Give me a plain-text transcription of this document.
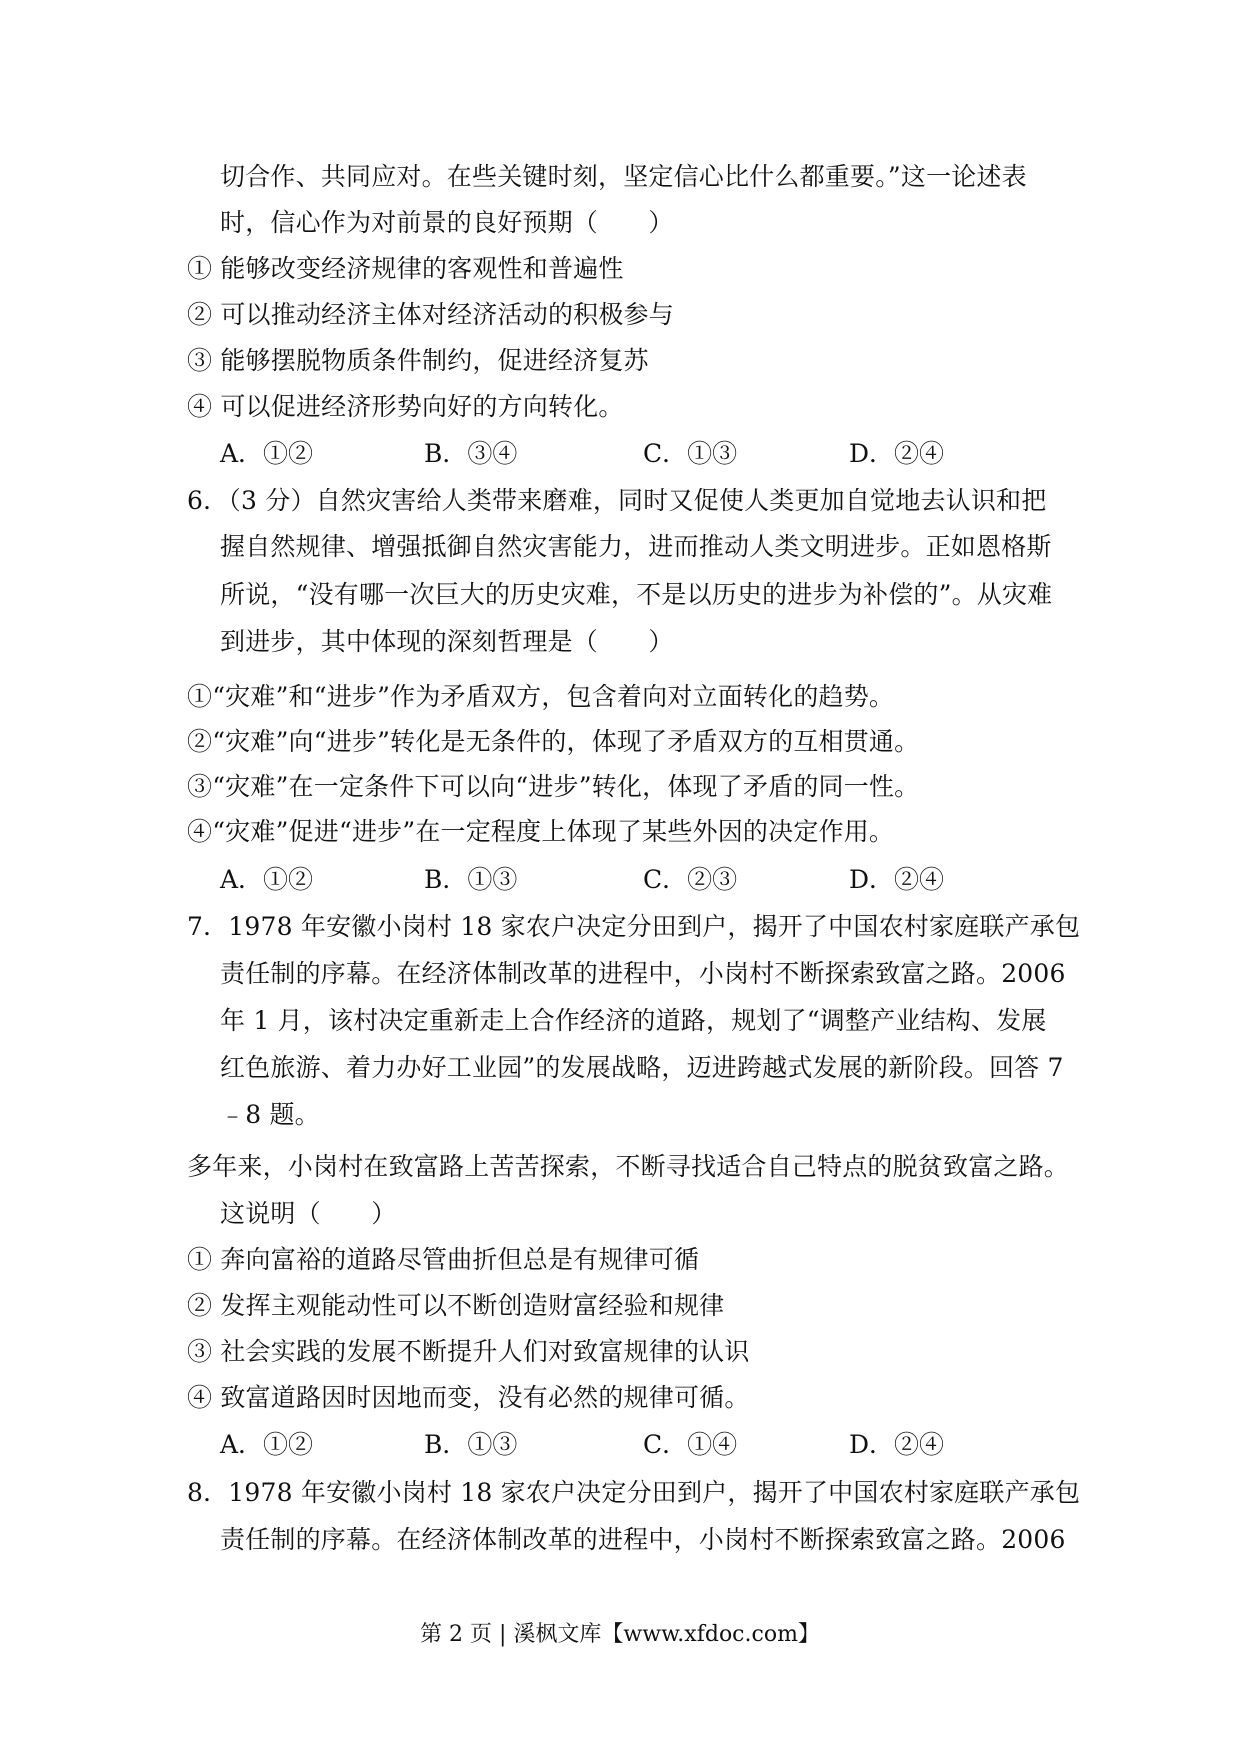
切合作、共同应对。在些关键时刻，坚定信心比什么都重要。”这一论述表
时，信心作为对前景的良好预期（　　）
① 能够改变经济规律的客观性和普遍性
② 可以推动经济主体对经济活动的积极参与
③ 能够摆脱物质条件制约，促进经济复苏
④ 可以促进经济形势向好的方向转化。
A．①②	B．③④	C．①③	D．②④
6．（3 分）自然灾害给人类带来磨难，同时又促使人类更加自觉地去认识和把
握自然规律、增强抵御自然灾害能力，进而推动人类文明进步。正如恩格斯
所说，“没有哪一次巨大的历史灾难，不是以历史的进步为补偿的”。从灾难
到进步，其中体现的深刻哲理是（　　）
①“灾难”和“进步”作为矛盾双方，包含着向对立面转化的趋势。
②“灾难”向“进步”转化是无条件的，体现了矛盾双方的互相贯通。
③“灾难”在一定条件下可以向“进步”转化，体现了矛盾的同一性。
④“灾难”促进“进步”在一定程度上体现了某些外因的决定作用。
A．①②	B．①③	C．②③	D．②④
7．1978 年安徽小岗村 18 家农户决定分田到户，揭开了中国农村家庭联产承包
责任制的序幕。在经济体制改革的进程中，小岗村不断探索致富之路。2006
年 1 月，该村决定重新走上合作经济的道路，规划了“调整产业结构、发展
红色旅游、着力办好工业园”的发展战略，迈进跨越式发展的新阶段。回答 7
﹣8 题。
多年来，小岗村在致富路上苦苦探索，不断寻找适合自己特点的脱贫致富之路。
这说明（　　）
① 奔向富裕的道路尽管曲折但总是有规律可循
② 发挥主观能动性可以不断创造财富经验和规律
③ 社会实践的发展不断提升人们对致富规律的认识
④ 致富道路因时因地而变，没有必然的规律可循。
A．①②	B．①③	C．①④	D．②④
8．1978 年安徽小岗村 18 家农户决定分田到户，揭开了中国农村家庭联产承包
责任制的序幕。在经济体制改革的进程中，小岗村不断探索致富之路。2006
第 2 页 | 溪枫文库【www.xfdoc.com】
